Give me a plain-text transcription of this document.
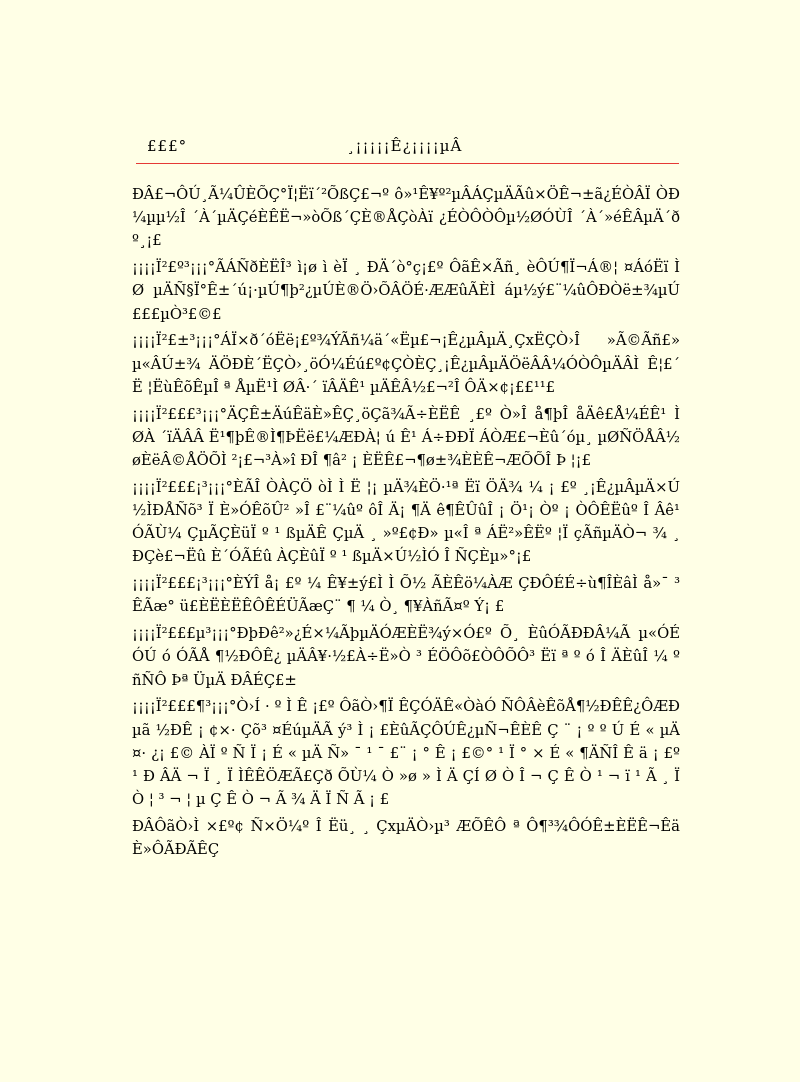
£££°	¸¡¡¡¡¡Ê¿¡¡¡¡µÂ

ÐÂ£¬ÔÚ¸Ã¼ÛÈÕÇ°Ï¦Ëï´²ÕßÇ£¬º ô»¹Ê¥º²µÂÁÇµÄÃû×ÖÊ¬±ã¿ÉÒÂÏ ÒÐ¼µµ½Î ´À´µÄÇéÈÊË¬»òÕß´ÇÈ®ÅÇòÀï ¿ÉÒÔÒÔµ½ØÓÙÎ ´À´»éÊÂµÄ´ðº¸¡£

¡¡¡¡Ï²£º³¡¡¡°ÃÁÑðÈËÎ³ ì¡ø ì èÏ ¸ ÐÄ´ò°ç¡£º ÔãÊ×Ãñ¸ èÔÚ¶Ï¬Á®¦ ¤ÁóËï Ì Ø µÄÑ§Ï°Ê±´ú¡·µÚ¶þ²¿µÚÈ®Ö›ÕÂÖÉ·ÆÆûÃÈÌ áµ½ý£¨¼ûÔÐÒë±¾µÚ£££µÒ³£©£

¡¡¡¡Ï²£±³¡¡¡°ÁÏ×ð´óËë¡£º¾ÝÃñ¼ä´«Ëµ£¬¡Ê¿µÂµÄ¸ÇxËÇÒ›Î »Ã©Ãñ£» µ«ÂÚ±¾ ÄÖÐÈ´ËÇÒ›¸öÓ¼Éú£º¢ÇÒÈÇ¸¡Ê¿µÂµÄÖëÂÂ¼ÓÒÔµÄÂÌ Ê¦£´ Ë ¦ËùÊõÊµÎ ª ÅµË¹Ì ØÂ·´ ïÂÄÊ¹ µÄÊÂ½£¬²Î ÔÄ×¢¡££¹¹£

¡¡¡¡Ï²£££³¡¡¡°ÄÇÊ±ÄúÊäÈ»ÊÇ¸öÇã¾Ã÷ÈËÊ ¸£º Ò»Î å¶þÎ åÄê£Å¼ÉÊ¹ Ì ØÀ ´ïÄÂÂ Ë¹¶þÊ®Ì¶ÞËë£¼ÆÐÀ¦ ú Ê¹ Á÷ÐÐÏ ÁÒÆ£¬Èû´óµ¸ µØÑÖÅÂ½øÈëÂ©ÅÖÕÌ ²¡£¬³À»î ÐÎ ¶â² ¡ ÈËÊ£¬¶ø±¾ÈÈÊ¬ÆÕÕÎ Þ ¦¡£

¡¡¡¡Ï²£££¡³¡¡¡°ÈÃÎ ÒÀÇÖ òÌ Ì Ë ¦¡ µÄ¾ÈÖ·¹ª Ëï ÖÄ¾ ¼ ¡ £º ¸¡Ê¿µÂµÄ×Ú½ÌÐÅÑõ³ Ï È»ÓÊõÛ² »Î £¨¼ûº ôÎ Ä¡ ¶Ä ê¶ÊÛûÎ ¡ Ö¹¡ Òº ¡ ÒÔÊËûº Î Âê¹ÓÃÙ¼ ÇµÃÇÈüÏ º ¹ ßµÄÊ ÇµÄ ¸ »º£¢Ð» µ«Î ª ÁË²»ÊËº ¦Ï çÃñµÄÒ¬ ¾ ¸ ÐÇè£¬Ëû È´ÓÃÉû ÀÇÈûÏ º ¹ ßµÄ×Ú½ÌÓ Î ÑÇÈµ»°¡£

¡¡¡¡Ï²£££¡³¡¡¡°ÈÝÎ å¡ £º ¼ Ê¥±ý£Ì Ì Õ½ ÃÈÊö¼ÀÆ ÇÐÔÉÉ÷ù¶ÎÈâÌ å»¯ ³ ÊÃæ° ü£ÈËÈËÊÔÊÉÜÃæÇ¨ ¶ ¼ Ò¸ ¶¥ÀñÃ¤º Ý¡ £

¡¡¡¡Ï²£££µ³¡¡¡°ÐþÐê²»¿É×¼ÃþµÄÓÆÈË¾ý×Ó£º Õ¸ ÈûÓÃÐÐÂ¼Ã µ«ÓÉÓÚ ó ÓÃÅ ¶½ÐÔÊ¿ µÄÂ¥·½£À÷Ë»Ò ³ ÉÖÔõ£ÒÔÕÔ³ Ëï ª º ó Î ÄÈûÎ ¼ º ñÑÔ Þª ÜµÄ ÐÂÉÇ£±

¡¡¡¡Ï²£££¶³¡¡¡°Ò›Í · º Ì Ê ¡£º ÔãÒ›¶Ï ÊÇÓÄÊ«ÒàÓ ÑÔÂèÊõÅ¶½ÐÊÊ¿ÔÆÐ µã ½ÐÊ ¡ ¢×· Çõ³ ¤ÉúµÄÃ ý³ Ì ¡ £ÈûÃÇÔÚÊ¿µÑ¬ÊÈÊ Ç ¨ ¡ º º Ú É « µÄ¤· ¿¡ £© ÀÏ º Ñ Ï ¡ É « µÄ Ñ» ¯ ¹ ¯ £¨ ¡ ° Ê ¡ £©° ¹ Ï ° × É « ¶ÄÑÎ Ê ä ¡ £º ¹ Ð ÂÄ ¬ Ï ¸ Ï ÌÊÊÖÆÃ£Çð ÕÙ¼ Ò »ø » Ì Ä ÇÍ Ø Ò Î ¬ Ç Ê Ò ¹ ¬ ï ¹ Ã ¸ Ï Ò ¦ ³ ¬ ¦ µ Ç Ê Ò ¬ Ã ¾ Ä Ï Ñ Ã ¡ £

ÐÂÔãÒ›Ì ×£º¢ Ñ×Ö¼º Î Ëü¸ ¸ ÇxµÄÒ›µ³ ÆÕÊÔ ª Ô¶³¾ÔÓÊ±ÈËÊ¬ÊäÈ»ÔÃÐÃÊÇ
